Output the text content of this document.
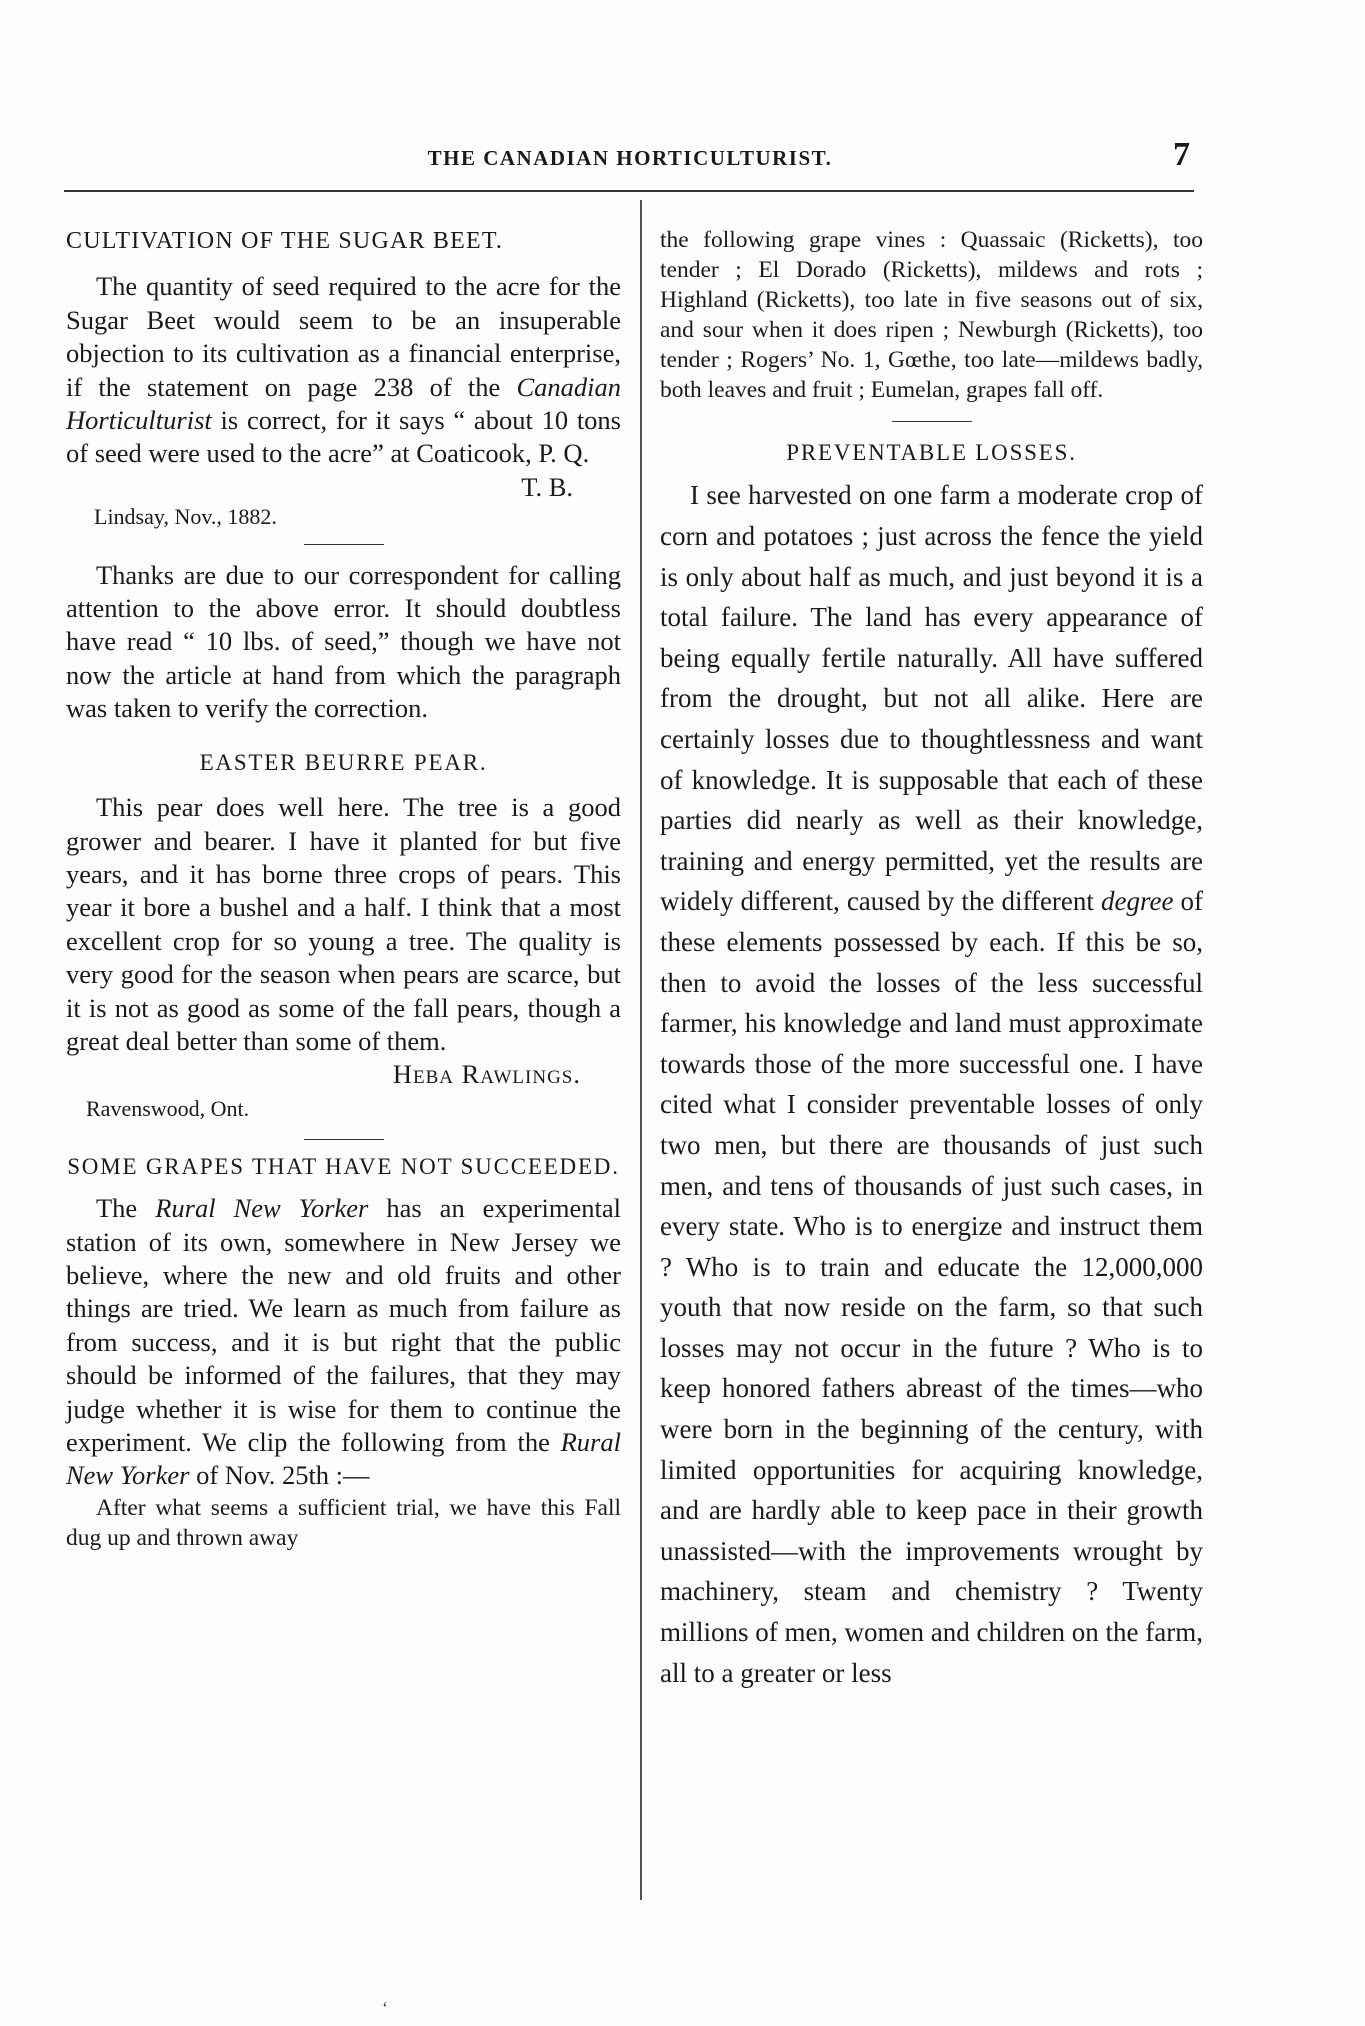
THE CANADIAN HORTICULTURIST.	7
CULTIVATION OF THE SUGAR BEET.

The quantity of seed required to the acre for the Sugar Beet would seem to be an insuperable objection to its cultivation as a financial enterprise, if the statement on page 238 of the Canadian Horticulturist is correct, for it says “ about 10 tons of seed were used to the acre” at Coaticook, P. Q.

T. B.
Lindsay, Nov., 1882.

Thanks are due to our correspondent for calling attention to the above error. It should doubtless have read “ 10 lbs. of seed,” though we have not now the article at hand from which the paragraph was taken to verify the correction.

EASTER BEURRE PEAR.

This pear does well here. The tree is a good grower and bearer. I have it planted for but five years, and it has borne three crops of pears. This year it bore a bushel and a half. I think that a most excellent crop for so young a tree. The quality is very good for the season when pears are scarce, but it is not as good as some of the fall pears, though a great deal better than some of them.

Heba Rawlings.
Ravenswood, Ont.
SOME GRAPES THAT HAVE NOT SUCCEEDED.

The Rural New Yorker has an experimental station of its own, somewhere in New Jersey we believe, where the new and old fruits and other things are tried. We learn as much from failure as from success, and it is but right that the public should be informed of the failures, that they may judge whether it is wise for them to continue the experiment. We clip the following from the Rural New Yorker of Nov. 25th :—

After what seems a sufficient trial, we have this Fall dug up and thrown away

the following grape vines : Quassaic (Ricketts), too tender ; El Dorado (Ricketts), mildews and rots ; Highland (Ricketts), too late in five seasons out of six, and sour when it does ripen ; Newburgh (Ricketts), too tender ; Rogers’ No. 1, Gœthe, too late—mildews badly, both leaves and fruit ; Eumelan, grapes fall off.

PREVENTABLE LOSSES.

I see harvested on one farm a moderate crop of corn and potatoes ; just across the fence the yield is only about half as much, and just beyond it is a total failure. The land has every appearance of being equally fertile naturally. All have suffered from the drought, but not all alike. Here are certainly losses due to thoughtlessness and want of knowledge. It is supposable that each of these parties did nearly as well as their knowledge, training and energy permitted, yet the results are widely different, caused by the different degree of these elements possessed by each. If this be so, then to avoid the losses of the less successful farmer, his knowledge and land must approximate towards those of the more successful one. I have cited what I consider preventable losses of only two men, but there are thousands of just such men, and tens of thousands of just such cases, in every state. Who is to energize and instruct them ? Who is to train and educate the 12,000,000 youth that now reside on the farm, so that such losses may not occur in the future ? Who is to keep honored fathers abreast of the times—who were born in the beginning of the century, with limited opportunities for acquiring knowledge, and are hardly able to keep pace in their growth unassisted—with the improvements wrought by machinery, steam and chemistry ? Twenty millions of men, women and children on the farm, all to a greater or less

‘
